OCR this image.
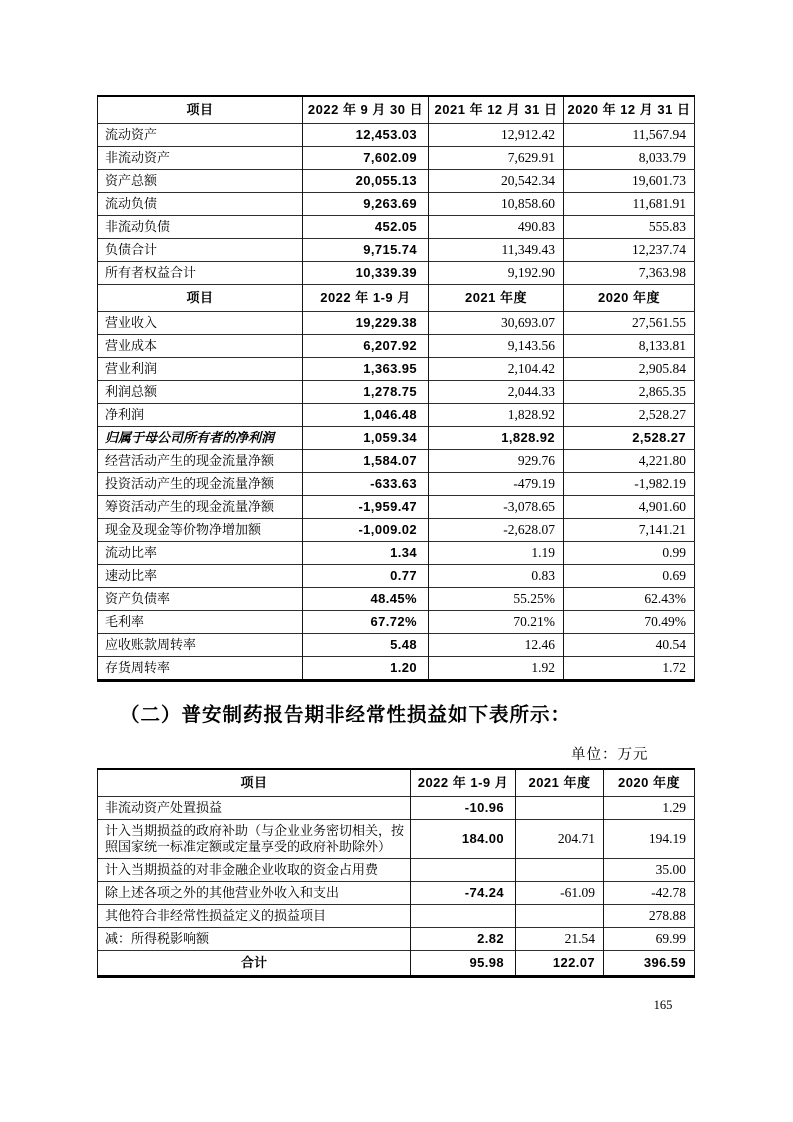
项目	2022 年 9 月 30 日	2021 年 12 月 31 日	2020 年 12 月 31 日
流动资产	12,453.03	12,912.42	11,567.94
非流动资产	7,602.09	7,629.91	8,033.79
资产总额	20,055.13	20,542.34	19,601.73
流动负债	9,263.69	10,858.60	11,681.91
非流动负债	452.05	490.83	555.83
负债合计	9,715.74	11,349.43	12,237.74
所有者权益合计	10,339.39	9,192.90	7,363.98
项目	2022 年 1-9 月	2021 年度	2020 年度
营业收入	19,229.38	30,693.07	27,561.55
营业成本	6,207.92	9,143.56	8,133.81
营业利润	1,363.95	2,104.42	2,905.84
利润总额	1,278.75	2,044.33	2,865.35
净利润	1,046.48	1,828.92	2,528.27
归属于母公司所有者的净利润	1,059.34	1,828.92	2,528.27
经营活动产生的现金流量净额	1,584.07	929.76	4,221.80
投资活动产生的现金流量净额	-633.63	-479.19	-1,982.19
筹资活动产生的现金流量净额	-1,959.47	-3,078.65	4,901.60
现金及现金等价物净增加额	-1,009.02	-2,628.07	7,141.21
流动比率	1.34	1.19	0.99
速动比率	0.77	0.83	0.69
资产负债率	48.45%	55.25%	62.43%
毛利率	67.72%	70.21%	70.49%
应收账款周转率	5.48	12.46	40.54
存货周转率	1.20	1.92	1.72
（二）普安制药报告期非经常性损益如下表所示：
单位：万元
项目	2022 年 1-9 月	2021 年度	2020 年度
非流动资产处置损益	-10.96		1.29
计入当期损益的政府补助（与企业业务密切相关，按照国家统一标准定额或定量享受的政府补助除外）	184.00	204.71	194.19
计入当期损益的对非金融企业收取的资金占用费			35.00
除上述各项之外的其他营业外收入和支出	-74.24	-61.09	-42.78
其他符合非经常性损益定义的损益项目			278.88
减：所得税影响额	2.82	21.54	69.99
合计	95.98	122.07	396.59
165
